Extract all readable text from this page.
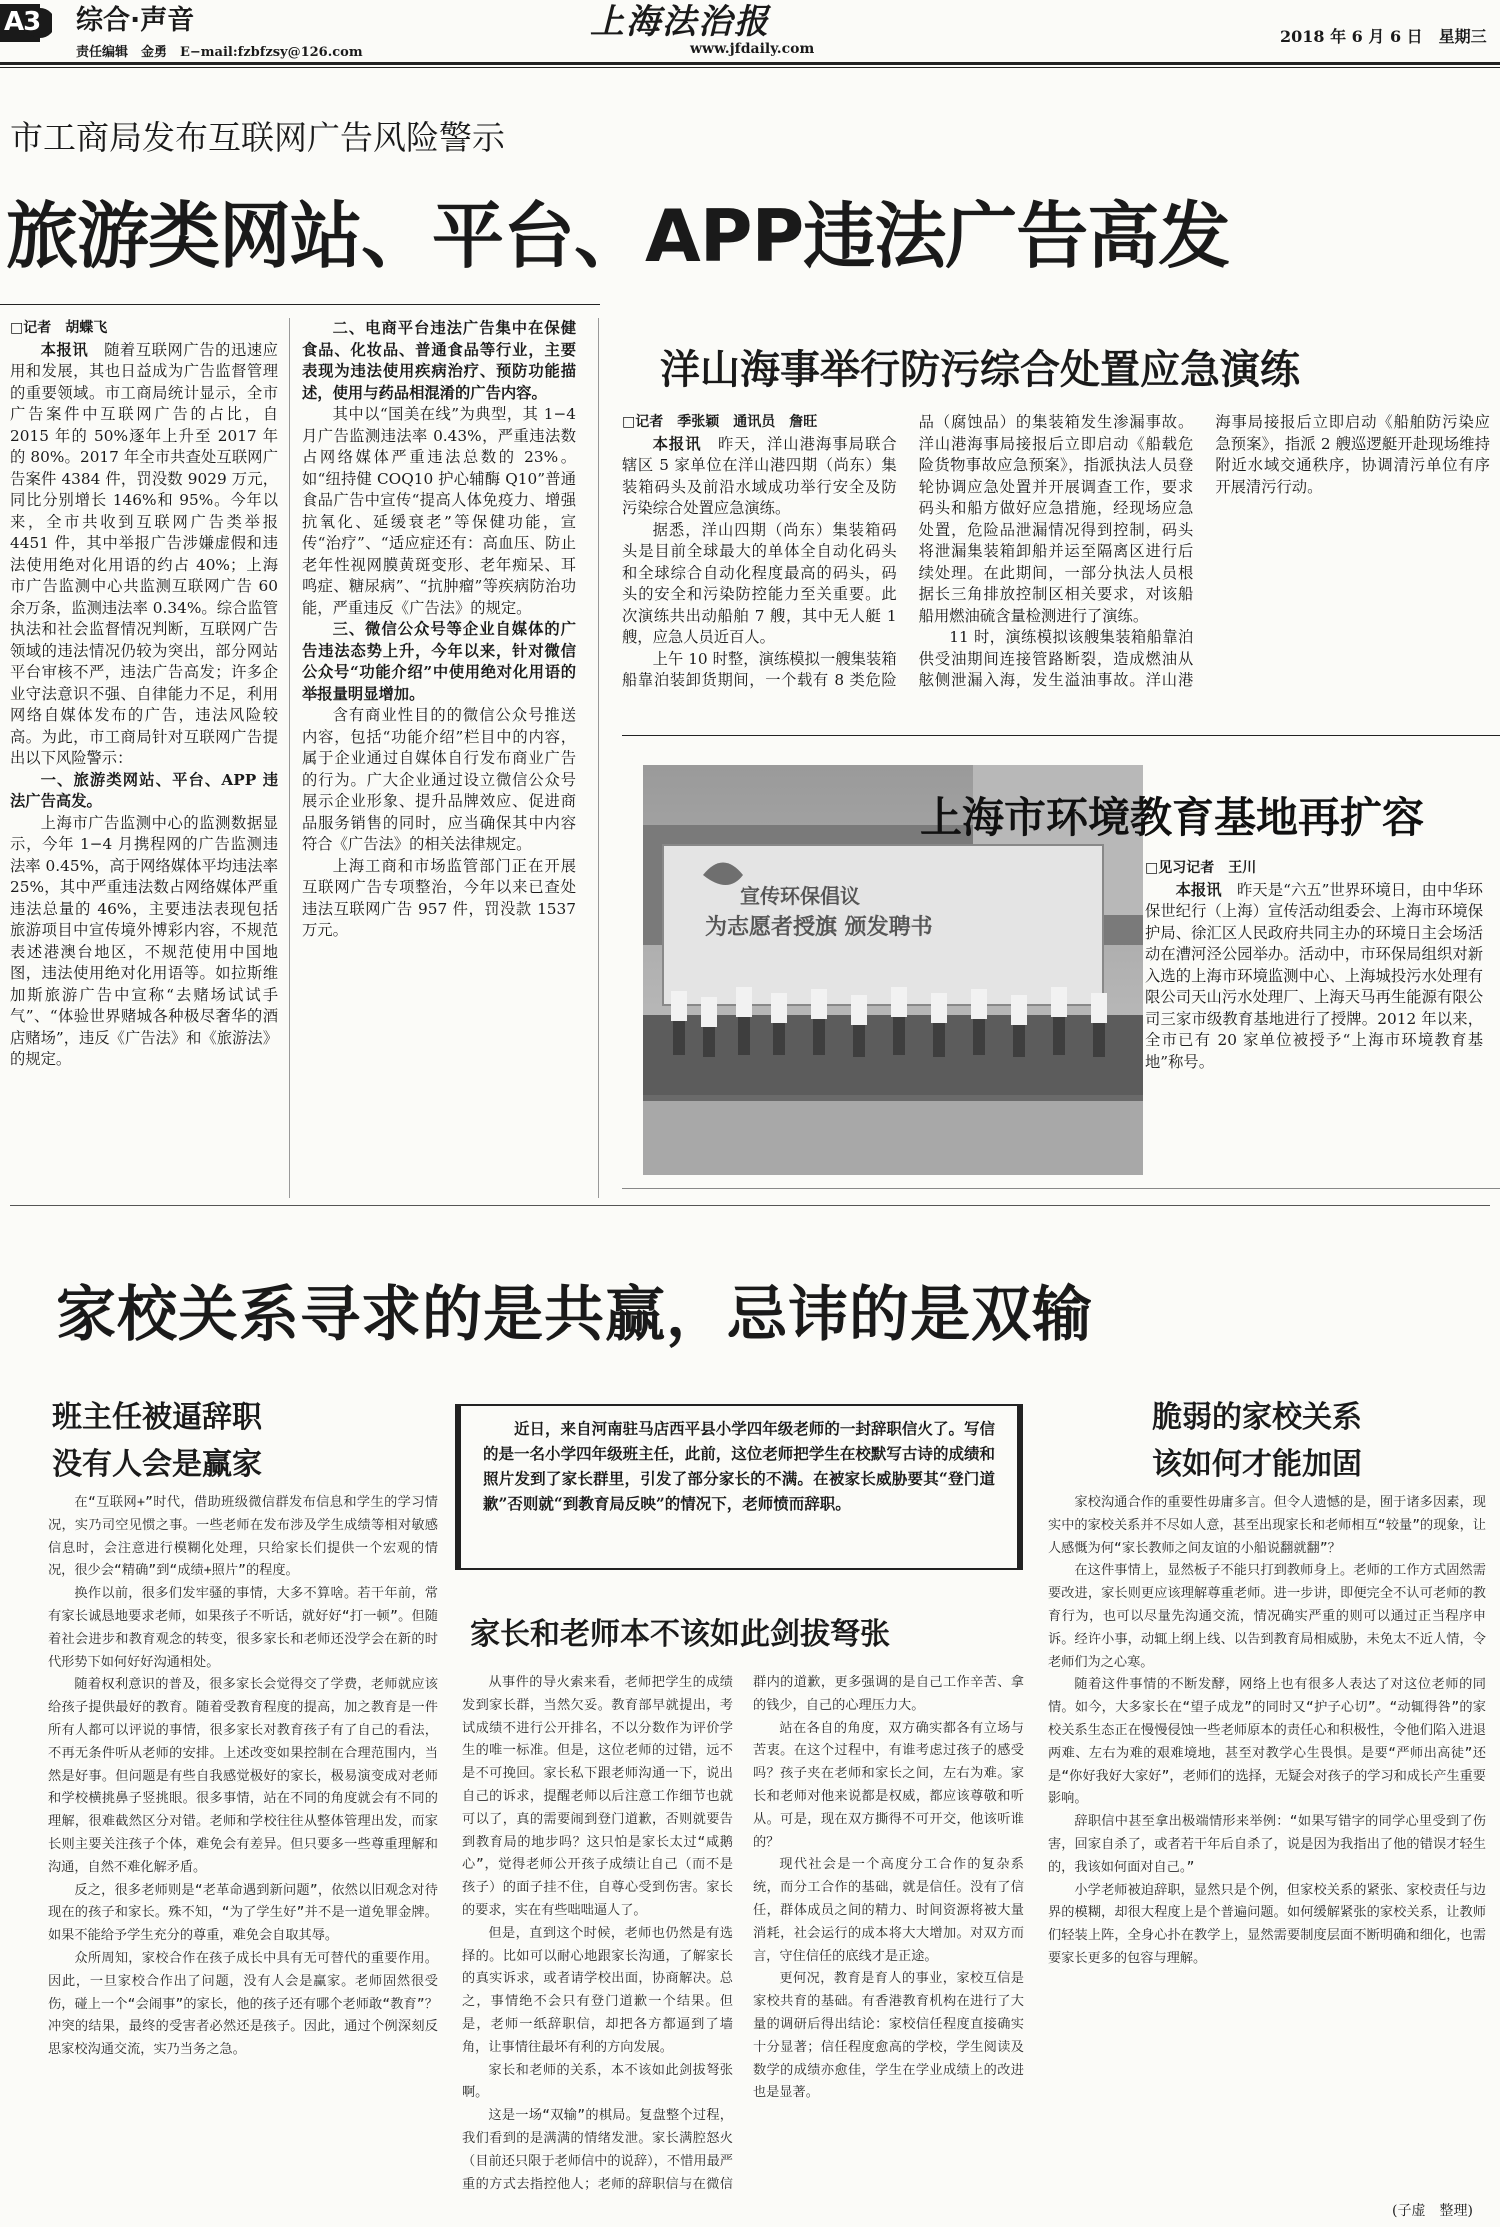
A3 综合·声音
责任编辑　金勇　E−mail:fzbfzsy@126.com
上海法治报
www.jfdaily.com
2018 年 6 月 6 日　星期三
市工商局发布互联网广告风险警示
旅游类网站、平台、APP违法广告高发

□记者　胡蝶飞

本报讯　 随着互联网广告的迅速应用和发展，其也日益成为广告监督管理的重要领域。市工商局统计显示，全市广告案件中互联网广告的占比，自 2015 年的 50%逐年上升至 2017 年的 80%。2017 年全市共查处互联网广告案件 4384 件，罚没数 9029 万元，同比分别增长 146%和 95%。今年以来，全市共收到互联网广告类举报 4451 件，其中举报广告涉嫌虚假和违法使用绝对化用语的约占 40%；上海市广告监测中心共监测互联网广告 60 余万条，监测违法率 0.34%。综合监管执法和社会监督情况判断，互联网广告领域的违法情况仍较为突出，部分网站平台审核不严，违法广告高发；许多企业守法意识不强、自律能力不足，利用网络自媒体发布的广告，违法风险较高。为此，市工商局针对互联网广告提出以下风险警示：

一、旅游类网站、平台、APP 违法广告高发。

上海市广告监测中心的监测数据显示，今年 1−4 月携程网的广告监测违法率 0.45%，高于网络媒体平均违法率 25%，其中严重违法数占网络媒体严重违法总量的 46%，主要违法表现包括旅游项目中宣传境外博彩内容，不规范表述港澳台地区，不规范使用中国地图，违法使用绝对化用语等。如拉斯维加斯旅游广告中宣称“去赌场试试手气”、“体验世界赌城各种极尽奢华的酒店赌场”，违反《广告法》和《旅游法》的规定。

二、电商平台违法广告集中在保健食品、化妆品、普通食品等行业，主要表现为违法使用疾病治疗、预防功能描述，使用与药品相混淆的广告内容。

其中以“国美在线”为典型，其 1−4 月广告监测违法率 0.43%，严重违法数占网络媒体严重违法总数的 23%。如“纽持健 COQ10 护心辅酶 Q10”普通食品广告中宣传“提高人体免疫力、增强抗氧化、延缓衰老”等保健功能，宣传“治疗”、“适应症还有：高血压、防止老年性视网膜黄斑变形、老年痴呆、耳鸣症、糖尿病”、“抗肿瘤”等疾病防治功能，严重违反《广告法》的规定。

三、微信公众号等企业自媒体的广告违法态势上升，今年以来，针对微信公众号“功能介绍”中使用绝对化用语的举报量明显增加。

含有商业性目的的微信公众号推送内容，包括“功能介绍”栏目中的内容，属于企业通过自媒体自行发布商业广告的行为。广大企业通过设立微信公众号展示企业形象、提升品牌效应、促进商品服务销售的同时，应当确保其中内容符合《广告法》的相关法律规定。

上海工商和市场监管部门正在开展互联网广告专项整治，今年以来已查处违法互联网广告 957 件，罚没款 1537 万元。

洋山海事举行防污综合处置应急演练

□记者　季张颖　通讯员　詹旺

本报讯　 昨天，洋山港海事局联合辖区 5 家单位在洋山港四期（尚东）集装箱码头及前沿水域成功举行安全及防污染综合处置应急演练。

据悉，洋山四期（尚东）集装箱码头是目前全球最大的单体全自动化码头和全球综合自动化程度最高的码头，码头的安全和污染防控能力至关重要。此次演练共出动船舶 7 艘，其中无人艇 1 艘，应急人员近百人。

上午 10 时整，演练模拟一艘集装箱船靠泊装卸货期间，一个载有 8 类危险品（腐蚀品）的集装箱发生渗漏事故。洋山港海事局接报后立即启动《船载危险货物事故应急预案》，指派执法人员登轮协调应急处置并开展调查工作，要求码头和船方做好应急措施，经现场应急处置，危险品泄漏情况得到控制，码头将泄漏集装箱卸船并运至隔离区进行后续处理。在此期间，一部分执法人员根据长三角排放控制区相关要求，对该船船用燃油硫含量检测进行了演练。

11 时，演练模拟该艘集装箱船靠泊供受油期间连接管路断裂，造成燃油从舷侧泄漏入海，发生溢油事故。洋山港海事局接报后立即启动《船舶防污染应急预案》，指派 2 艘巡逻艇开赴现场维持附近水域交通秩序，协调清污单位有序开展清污行动。

宣传环保倡议
为志愿者授旗 颁发聘书
上海市环境教育基地再扩容

□见习记者　王川

本报讯　 昨天是“六五”世界环境日，由中华环保世纪行（上海）宣传活动组委会、上海市环境保护局、徐汇区人民政府共同主办的环境日主会场活动在漕河泾公园举办。活动中，市环保局组织对新入选的上海市环境监测中心、上海城投污水处理有限公司天山污水处理厂、上海天马再生能源有限公司三家市级教育基地进行了授牌。2012 年以来，全市已有 20 家单位被授予“上海市环境教育基地”称号。

家校关系寻求的是共赢，忌讳的是双输
班主任被逼辞职
没有人会是赢家

在“互联网+”时代，借助班级微信群发布信息和学生的学习情况，实乃司空见惯之事。一些老师在发布涉及学生成绩等相对敏感信息时，会注意进行模糊化处理，只给家长们提供一个宏观的情况，很少会“精确”到“成绩+照片”的程度。

换作以前，很多们发牢骚的事情，大多不算啥。若干年前，常有家长诚恳地要求老师，如果孩子不听话，就好好“打一顿”。但随着社会进步和教育观念的转变，很多家长和老师还没学会在新的时代形势下如何好好沟通相处。

随着权利意识的普及，很多家长会觉得交了学费，老师就应该给孩子提供最好的教育。随着受教育程度的提高，加之教育是一件所有人都可以评说的事情，很多家长对教育孩子有了自己的看法，不再无条件听从老师的安排。上述改变如果控制在合理范围内，当然是好事。但问题是有些自我感觉极好的家长，极易演变成对老师和学校横挑鼻子竖挑眼。很多事情，站在不同的角度就会有不同的理解，很难截然区分对错。老师和学校往往从整体管理出发，而家长则主要关注孩子个体，难免会有差异。但只要多一些尊重理解和沟通，自然不难化解矛盾。

反之，很多老师则是“老革命遇到新问题”，依然以旧观念对待现在的孩子和家长。殊不知，“为了学生好”并不是一道免罪金牌。如果不能给予学生充分的尊重，难免会自取其辱。

众所周知，家校合作在孩子成长中具有无可替代的重要作用。因此，一旦家校合作出了问题，没有人会是赢家。老师固然很受伤，碰上一个“会闹事”的家长，他的孩子还有哪个老师敢“教育”？冲突的结果，最终的受害者必然还是孩子。因此，通过个例深刻反思家校沟通交流，实乃当务之急。

近日，来自河南驻马店西平县小学四年级老师的一封辞职信火了。写信的是一名小学四年级班主任，此前，这位老师把学生在校默写古诗的成绩和照片发到了家长群里，引发了部分家长的不满。在被家长威胁要其“登门道歉”否则就“到教育局反映”的情况下，老师愤而辞职。

家长和老师本不该如此剑拔弩张

从事件的导火索来看，老师把学生的成绩发到家长群，当然欠妥。教育部早就提出，考试成绩不进行公开排名，不以分数作为评价学生的唯一标准。但是，这位老师的过错，远不是不可挽回。家长私下跟老师沟通一下，说出自己的诉求，提醒老师以后注意工作细节也就可以了，真的需要闹到登门道歉，否则就要告到教育局的地步吗？这只怕是家长太过“咸鹅心”，觉得老师公开孩子成绩让自己（而不是孩子）的面子挂不住，自尊心受到伤害。家长的要求，实在有些咄咄逼人了。

但是，直到这个时候，老师也仍然是有选择的。比如可以耐心地跟家长沟通，了解家长的真实诉求，或者请学校出面，协商解决。总之，事情绝不会只有登门道歉一个结果。但是，老师一纸辞职信，却把各方都逼到了墙角，让事情往最坏有利的方向发展。

家长和老师的关系，本不该如此剑拔弩张啊。

这是一场“双输”的棋局。复盘整个过程，我们看到的是满满的情绪发泄。家长满腔怒火（目前还只限于老师信中的说辞），不惜用最严重的方式去指控他人；老师的辞职信与在微信群内的道歉，更多强调的是自己工作辛苦、拿的钱少，自己的心理压力大。

站在各自的角度，双方确实都各有立场与苦衷。在这个过程中，有谁考虑过孩子的感受吗？孩子夹在老师和家长之间，左右为难。家长和老师对他来说都是权威，都应该尊敬和听从。可是，现在双方撕得不可开交，他该听谁的？

现代社会是一个高度分工合作的复杂系统，而分工合作的基础，就是信任。没有了信任，群体成员之间的精力、时间资源将被大量消耗，社会运行的成本将大大增加。对双方而言，守住信任的底线才是正途。

更何况，教育是育人的事业，家校互信是家校共育的基础。有香港教育机构在进行了大量的调研后得出结论：家校信任程度直接确实十分显著；信任程度愈高的学校，学生阅读及数学的成绩亦愈佳，学生在学业成绩上的改进也是显著。

脆弱的家校关系
该如何才能加固

家校沟通合作的重要性毋庸多言。但令人遗憾的是，囿于诸多因素，现实中的家校关系并不尽如人意，甚至出现家长和老师相互“较量”的现象，让人感慨为何“家长教师之间友谊的小船说翻就翻”？

在这件事情上，显然板子不能只打到教师身上。老师的工作方式固然需要改进，家长则更应该理解尊重老师。进一步讲，即便完全不认可老师的教育行为，也可以尽量先沟通交流，情况确实严重的则可以通过正当程序申诉。经许小事，动辄上纲上线、以告到教育局相威胁，未免太不近人情，令老师们为之心寒。

随着这件事情的不断发酵，网络上也有很多人表达了对这位老师的同情。如今，大多家长在“望子成龙”的同时又“护子心切”。“动辄得咎”的家校关系生态正在慢慢侵蚀一些老师原本的责任心和积极性，令他们陷入进退两难、左右为难的艰难境地，甚至对教学心生畏惧。是要“严师出高徒”还是“你好我好大家好”，老师们的选择，无疑会对孩子的学习和成长产生重要影响。

辞职信中甚至拿出极端情形来举例：“如果写错字的同学心里受到了伤害，回家自杀了，或者若干年后自杀了，说是因为我指出了他的错误才轻生的，我该如何面对自己。”

小学老师被迫辞职，显然只是个例，但家校关系的紧张、家校责任与边界的模糊，却很大程度上是个普遍问题。如何缓解紧张的家校关系，让教师们轻装上阵，全身心扑在教学上，显然需要制度层面不断明确和细化，也需要家长更多的包容与理解。

(子虚　整理)
